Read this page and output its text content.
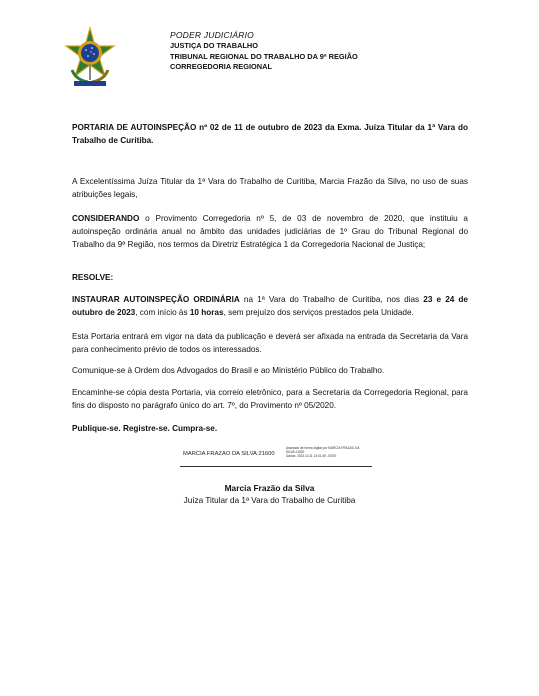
PODER JUDICIÁRIO
JUSTIÇA DO TRABALHO
TRIBUNAL REGIONAL DO TRABALHO DA 9ª REGIÃO
CORREGEDORIA REGIONAL
PORTARIA DE AUTOINSPEÇÃO nº 02 de 11 de outubro de 2023 da Exma. Juíza Titular da 1ª Vara do Trabalho de Curitiba.
A Excelentíssima Juíza Titular da 1ª Vara do Trabalho de Curitiba, Marcia Frazão da Silva, no uso de suas atribuições legais,
CONSIDERANDO o Provimento Corregedoria nº 5, de 03 de novembro de 2020, que instituiu a autoinspeção ordinária anual no âmbito das unidades judiciárias de 1º Grau do Tribunal Regional do Trabalho da 9ª Região, nos termos da Diretriz Estratégica 1 da Corregedoria Nacional de Justiça;
RESOLVE:
INSTAURAR AUTOINSPEÇÃO ORDINÁRIA na 1ª Vara do Trabalho de Curitiba, nos dias 23 e 24 de outubro de 2023, com início às 10 horas, sem prejuízo dos serviços prestados pela Unidade.
Esta Portaria entrará em vigor na data da publicação e deverá ser afixada na entrada da Secretaria da Vara para conhecimento prévio de todos os interessados.
Comunique-se à Ordem dos Advogados do Brasil e ao Ministério Público do Trabalho.
Encaminhe-se cópia desta Portaria, via correio eletrônico, para a Secretaria da Corregedoria Regional, para fins do disposto no parágrafo único do art. 7º, do Provimento nº 05/2020.
Publique-se. Registre-se. Cumpra-se.
MARCIA FRAZAO DA SILVA:21600
Assinado de forma digital por MARCIA FRAZAO DA
SILVA:21600
Dados: 2023.10.11 14:41:49 -03'00'
Marcia Frazão da Silva
Juíza Titular da 1ª Vara do Trabalho de Curitiba
